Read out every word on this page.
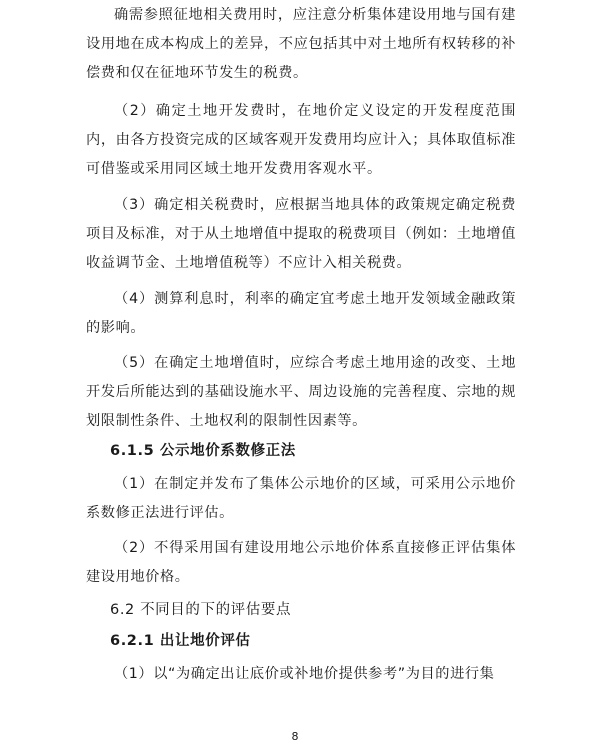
确需参照征地相关费用时，应注意分析集体建设用地与国有建设用地在成本构成上的差异，不应包括其中对土地所有权转移的补偿费和仅在征地环节发生的税费。

（2）确定土地开发费时，在地价定义设定的开发程度范围内，由各方投资完成的区域客观开发费用均应计入；具体取值标准可借鉴或采用同区域土地开发费用客观水平。

（3）确定相关税费时，应根据当地具体的政策规定确定税费项目及标准，对于从土地增值中提取的税费项目（例如：土地增值收益调节金、土地增值税等）不应计入相关税费。

（4）测算利息时，利率的确定宜考虑土地开发领域金融政策的影响。

（5）在确定土地增值时，应综合考虑土地用途的改变、土地开发后所能达到的基础设施水平、周边设施的完善程度、宗地的规划限制性条件、土地权利的限制性因素等。

6.1.5 公示地价系数修正法

（1）在制定并发布了集体公示地价的区域，可采用公示地价系数修正法进行评估。

（2）不得采用国有建设用地公示地价体系直接修正评估集体建设用地价格。

6.2 不同目的下的评估要点

6.2.1 出让地价评估

（1）以“为确定出让底价或补地价提供参考”为目的进行集

8
